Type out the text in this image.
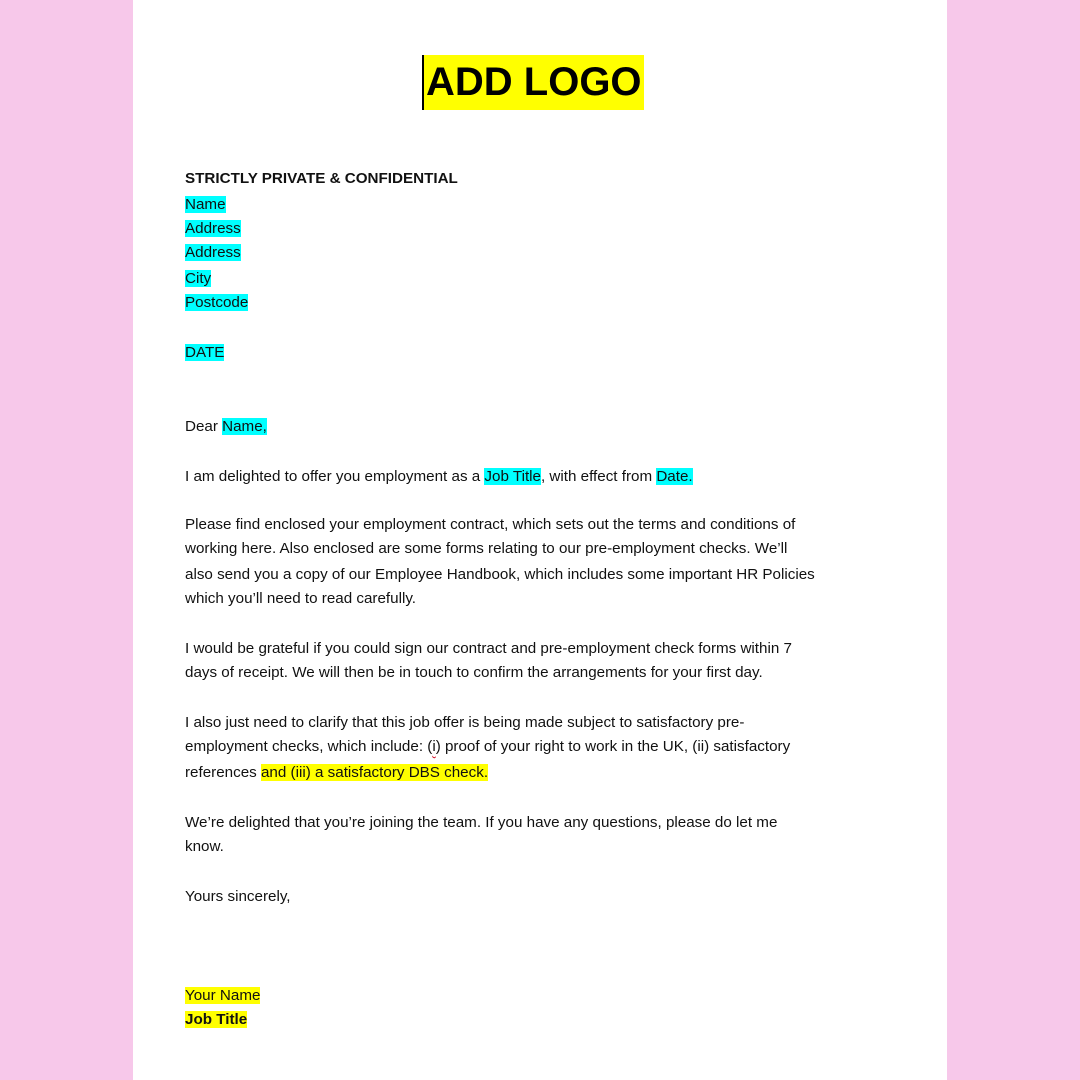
ADD LOGO
STRICTLY PRIVATE & CONFIDENTIAL
Name
Address
Address
City
Postcode
DATE
Dear Name,
I am delighted to offer you employment as a Job Title, with effect from Date.
Please find enclosed your employment contract, which sets out the terms and conditions of
working here. Also enclosed are some forms relating to our pre-employment checks. We’ll
also send you a copy of our Employee Handbook, which includes some important HR Policies
which you’ll need to read carefully.
I would be grateful if you could sign our contract and pre-employment check forms within 7
days of receipt. We will then be in touch to confirm the arrangements for your first day.
I also just need to clarify that this job offer is being made subject to satisfactory pre-
employment checks, which include: (i) proof of your right to work in the UK, (ii) satisfactory
references and (iii) a satisfactory DBS check.
We’re delighted that you’re joining the team. If you have any questions, please do let me
know.
Yours sincerely,
Your Name
Job Title
